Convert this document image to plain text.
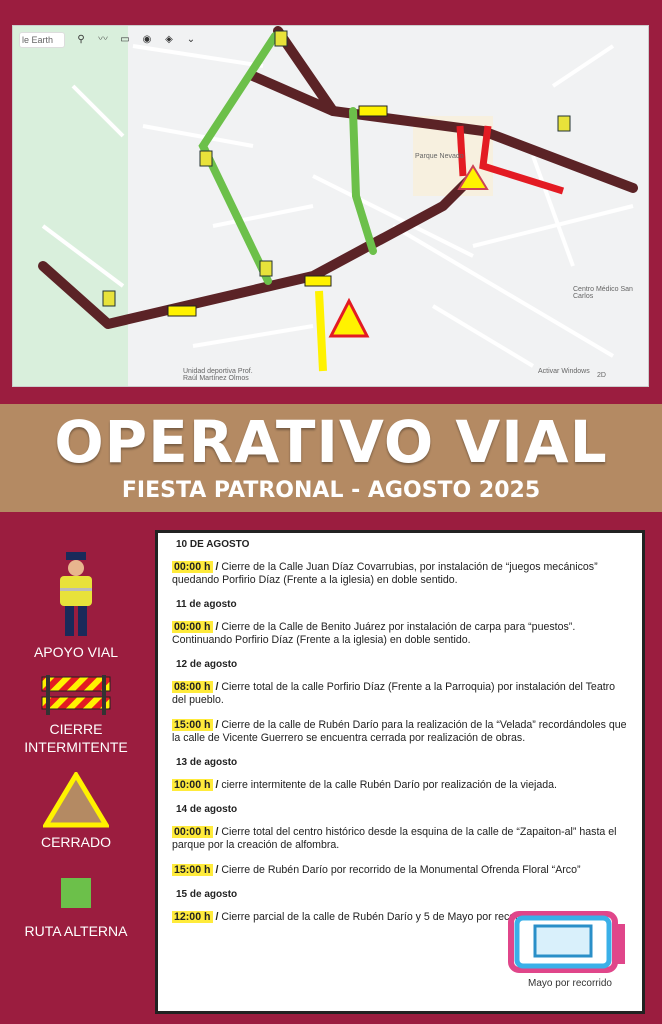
le Earth	⚲ 〰 ▭ ◉ ◈ ⌄
Parque Nevado
Centro Médico San Carlos
Unidad deportiva Prof. Raúl Martínez Olmos
Activar Windows
2D
OPERATIVO VIAL
FIESTA PATRONAL - AGOSTO 2025
APOYO VIAL
CIERRE
INTERMITENTE
CERRADO
RUTA ALTERNA
10 DE AGOSTO
00:00 h / Cierre de la Calle Juan Díaz Covarrubias, por instalación de “juegos mecánicos” quedando Porfirio Díaz (Frente a la iglesia) en doble sentido.
11 de agosto
00:00 h / Cierre de la Calle de Benito Juárez por instalación de carpa para “puestos”. Continuando Porfirio Díaz (Frente a la iglesia) en doble sentido.
12 de agosto
08:00 h / Cierre total de la calle Porfirio Díaz (Frente a la Parroquia) por instalación del Teatro del pueblo.
15:00 h / Cierre de la calle de Rubén Darío para la realización de la “Velada” recordándoles que la calle de Vicente Guerrero se encuentra cerrada por realización de obras.
13 de agosto
10:00 h / cierre intermitente de la calle Rubén Darío por realización de la viejada.
14 de agosto
00:00 h / Cierre total del centro histórico desde la esquina de la calle de “Zapaiton-al” hasta el parque por la creación de alfombra.
15:00 h / Cierre de Rubén Darío por recorrido de la Monumental Ofrenda Floral “Arco”
15 de agosto
12:00 h / Cierre parcial de la calle de Rubén Darío y 5 de Mayo por recorrido de danzas.
Mayo por recorrido
